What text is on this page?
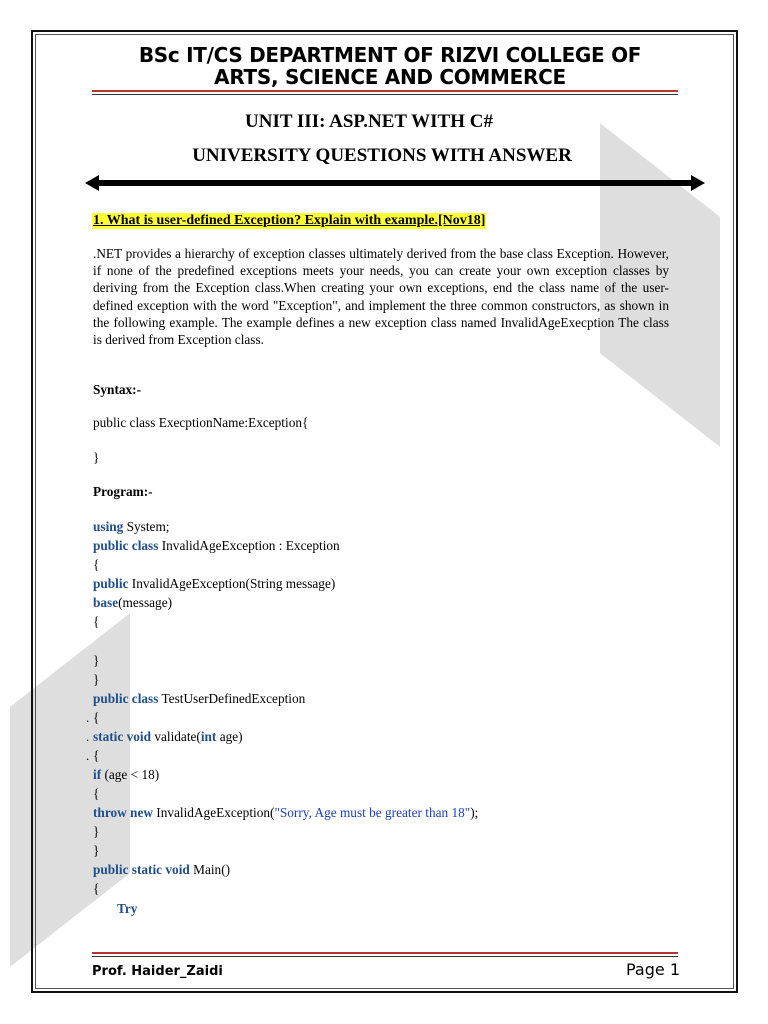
BSc IT/CS DEPARTMENT OF RIZVI COLLEGE OF
ARTS, SCIENCE AND COMMERCE
UNIT III: ASP.NET WITH C#
UNIVERSITY QUESTIONS WITH ANSWER
1. What is user-defined Exception? Explain with example.[Nov18]
.NET provides a hierarchy of exception classes ultimately derived from the base class Exception. However, if none of the predefined exceptions meets your needs, you can create your own exception classes by deriving from the Exception class.When creating your own exceptions, end the class name of the user-defined exception with the word "Exception", and implement the three common constructors, as shown in the following example. The example defines a new exception class named InvalidAgeExecption The class is derived from Exception class.
Syntax:-
public class ExecptionName:Exception{
}
Program:-
using System;
public class InvalidAgeException : Exception
{
public InvalidAgeException(String message)
base(message)
{
}
}
public class TestUserDefinedException
. {
. static void validate(int age)
. {
if (age < 18)
{
throw new InvalidAgeException("Sorry, Age must be greater than 18");
}
}
public static void Main()
{
Try
Prof. Haider_Zaidi	Page 1
